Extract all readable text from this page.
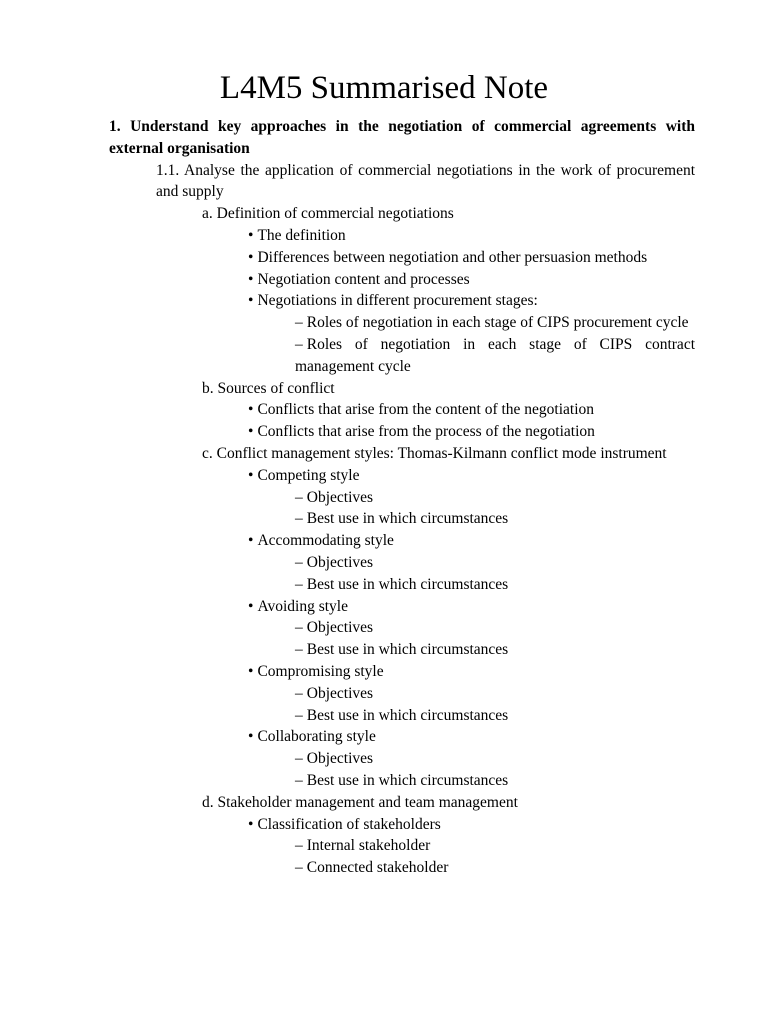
L4M5 Summarised Note

1. Understand key approaches in the negotiation of commercial agreements with external organisation

1.1. Analyse the application of commercial negotiations in the work of procurement and supply

a. Definition of commercial negotiations

• The definition

• Differences between negotiation and other persuasion methods

• Negotiation content and processes

• Negotiations in different procurement stages:

– Roles of negotiation in each stage of CIPS procurement cycle

– Roles of negotiation in each stage of CIPS contract management cycle

b. Sources of conflict

• Conflicts that arise from the content of the negotiation

• Conflicts that arise from the process of the negotiation

c. Conflict management styles: Thomas-Kilmann conflict mode instrument

• Competing style

– Objectives

– Best use in which circumstances

• Accommodating style

– Objectives

– Best use in which circumstances

• Avoiding style

– Objectives

– Best use in which circumstances

• Compromising style

– Objectives

– Best use in which circumstances

• Collaborating style

– Objectives

– Best use in which circumstances

d. Stakeholder management and team management

• Classification of stakeholders

– Internal stakeholder

– Connected stakeholder
